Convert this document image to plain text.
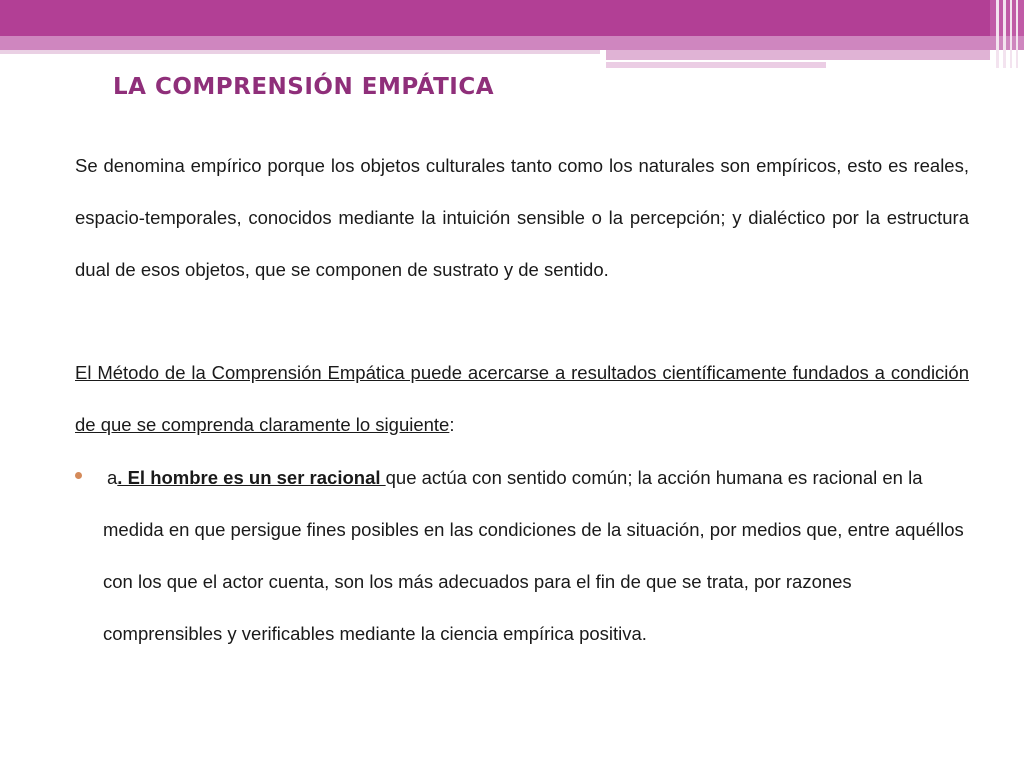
LA COMPRENSIÓN EMPÁTICA

Se denomina empírico porque los objetos culturales tanto como los naturales son empíricos, esto es reales, espacio-temporales, conocidos mediante la intuición sensible o la percepción; y dialéctico por la estructura dual de esos objetos, que se componen de sustrato y de sentido.

El Método de la Comprensión Empática puede acercarse a resultados científicamente fundados a condición de que se comprenda claramente lo siguiente:

a. El hombre es un ser racional que actúa con sentido común; la acción humana es racional en la medida en que persigue fines posibles en las condiciones de la situación, por medios que, entre aquéllos con los que el actor cuenta, son los más adecuados para el fin de que se trata, por razones comprensibles y verificables mediante la ciencia empírica positiva.
